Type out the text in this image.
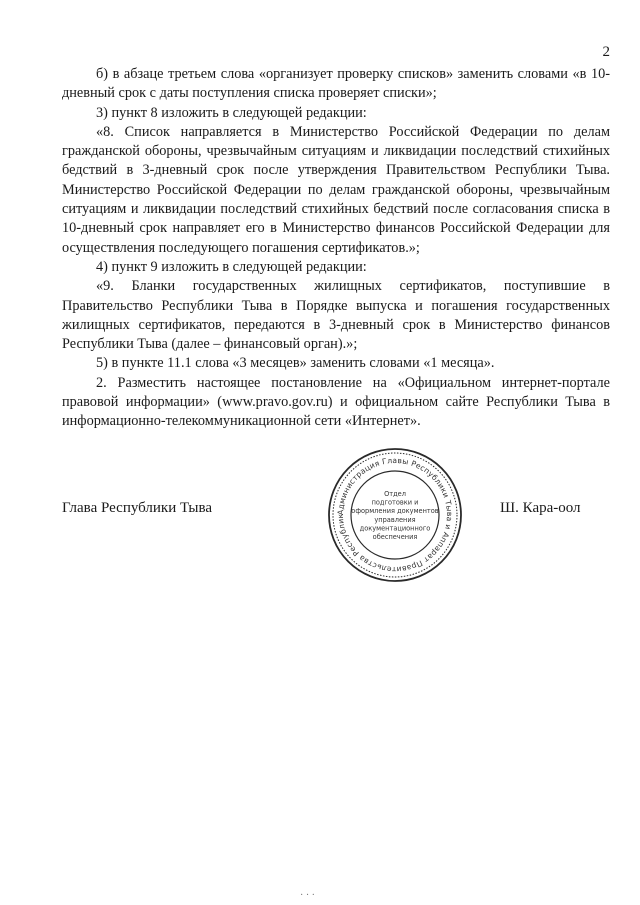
2

б) в абзаце третьем слова «организует проверку списков» заменить словами «в 10-дневный срок с даты поступления списка проверяет списки»;

3) пункт 8 изложить в следующей редакции:

«8. Список направляется в Министерство Российской Федерации по делам гражданской обороны, чрезвычайным ситуациям и ликвидации последствий стихийных бедствий в 3-дневный срок после утверждения Правительством Республики Тыва. Министерство Российской Федерации по делам гражданской обороны, чрезвычайным ситуациям и ликвидации последствий стихийных бедствий после согласования списка в 10-дневный срок направляет его в Министерство финансов Российской Федерации для осуществления последующего погашения сертификатов.»;

4) пункт 9 изложить в следующей редакции:

«9. Бланки государственных жилищных сертификатов, поступившие в Правительство Республики Тыва в Порядке выпуска и погашения государственных жилищных сертификатов, передаются в 3-дневный срок в Министерство финансов Республики Тыва (далее – финансовый орган).»;

5) в пункте 11.1 слова «3 месяцев» заменить словами «1 месяца».

2. Разместить настоящее постановление на «Официальном интернет-портале правовой информации» (www.pravo.gov.ru) и официальном сайте Республики Тыва в информационно-телекоммуникационной сети «Интернет».

Глава Республики Тыва	Администрация Главы Республики Тыва и Аппарат Правительства Республик
Отдел
подготовки и
оформления документов
управления
документационного
обеспечения
Ш. Кара-оол
· · ·
